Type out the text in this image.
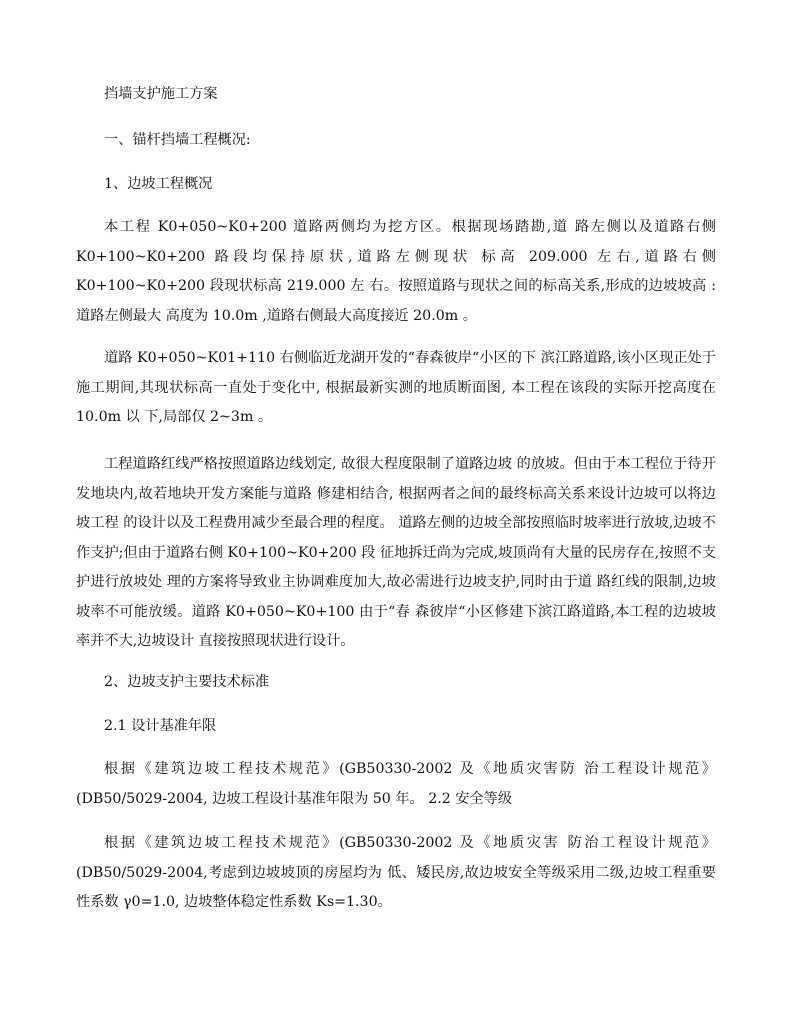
挡墙支护施工方案
一、锚杆挡墙工程概况:
1、边坡工程概况

本工程 K0+050~K0+200 道路两侧均为挖方区。根据现场踏勘,道 路左侧以及道路右侧 K0+100~K0+200 路段均保持原状,道路左侧现状 标高 209.000 左右,道路右侧 K0+100~K0+200 段现状标高 219.000 左 右。按照道路与现状之间的标高关系,形成的边坡坡高 :道路左侧最大 高度为 10.0m ,道路右侧最大高度接近 20.0m 。

道路 K0+050~K01+110 右侧临近龙湖开发的“春森彼岸“小区的下 滨江路道路,该小区现正处于施工期间,其现状标高一直处于变化中, 根据最新实测的地质断面图, 本工程在该段的实际开挖高度在 10.0m 以 下,局部仅 2~3m 。

工程道路红线严格按照道路边线划定, 故很大程度限制了道路边坡 的放坡。但由于本工程位于待开发地块内,故若地块开发方案能与道路 修建相结合, 根据两者之间的最终标高关系来设计边坡可以将边坡工程 的设计以及工程费用减少至最合理的程度。 道路左侧的边坡全部按照临时坡率进行放坡,边坡不作支护;但由于道路右侧 K0+100~K0+200 段 征地拆迁尚为完成,坡顶尚有大量的民房存在,按照不支护进行放坡处 理的方案将导致业主协调难度加大,故必需进行边坡支护,同时由于道 路红线的限制,边坡坡率不可能放缓。道路 K0+050~K0+100 由于“春 森彼岸“小区修建下滨江路道路,本工程的边坡坡率并不大,边坡设计 直接按照现状进行设计。

2、边坡支护主要技术标准
2.1 设计基准年限

根据《建筑边坡工程技术规范》(GB50330-2002 及《地质灾害防 治工程设计规范》(DB50/5029-2004, 边坡工程设计基准年限为 50 年。 2.2 安全等级

根据《建筑边坡工程技术规范》(GB50330-2002 及《地质灾害 防治工程设计规范》(DB50/5029-2004,考虑到边坡坡顶的房屋均为 低、矮民房,故边坡安全等级采用二级,边坡工程重要性系数 γ0=1.0, 边坡整体稳定性系数 Ks=1.30。
